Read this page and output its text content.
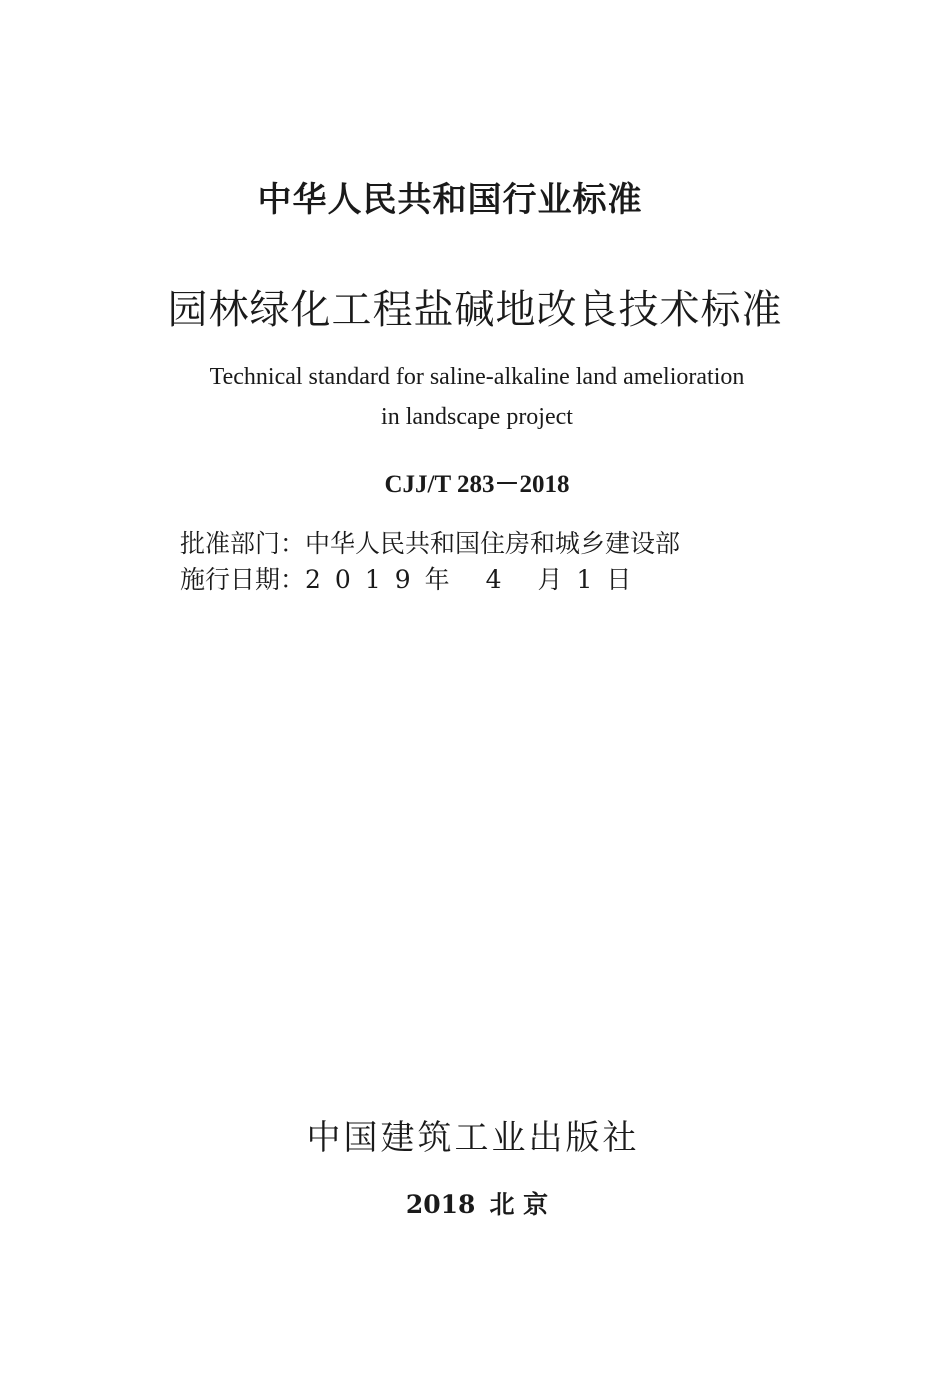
中华人民共和国行业标准
园林绿化工程盐碱地改良技术标准
Technical standard for saline-alkaline land amelioration
in landscape project
CJJ/T 283－2018
批准部门：中华人民共和国住房和城乡建设部
施行日期：2019年 4 月1日
中国建筑工业出版社
2018 北 京
